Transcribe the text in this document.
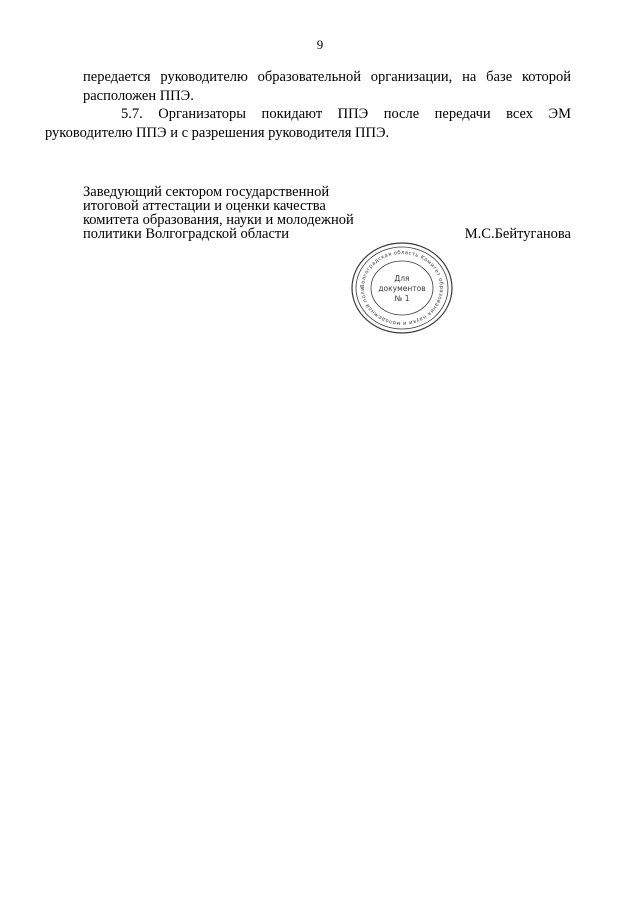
9
передается руководителю образовательной организации, на базе которой
расположен ППЭ.
5.7. Организаторы покидают ППЭ после передачи всех ЭМ
руководителю ППЭ и с разрешения руководителя ППЭ.
Заведующий сектором государственной
итоговой аттестации и оценки качества
комитета образования, науки и молодежной
политики Волгоградской области	М.С.Бейтуганова
Волгоградская область Комитет образования науки и молодежной поли
Для
документов
№ 1
